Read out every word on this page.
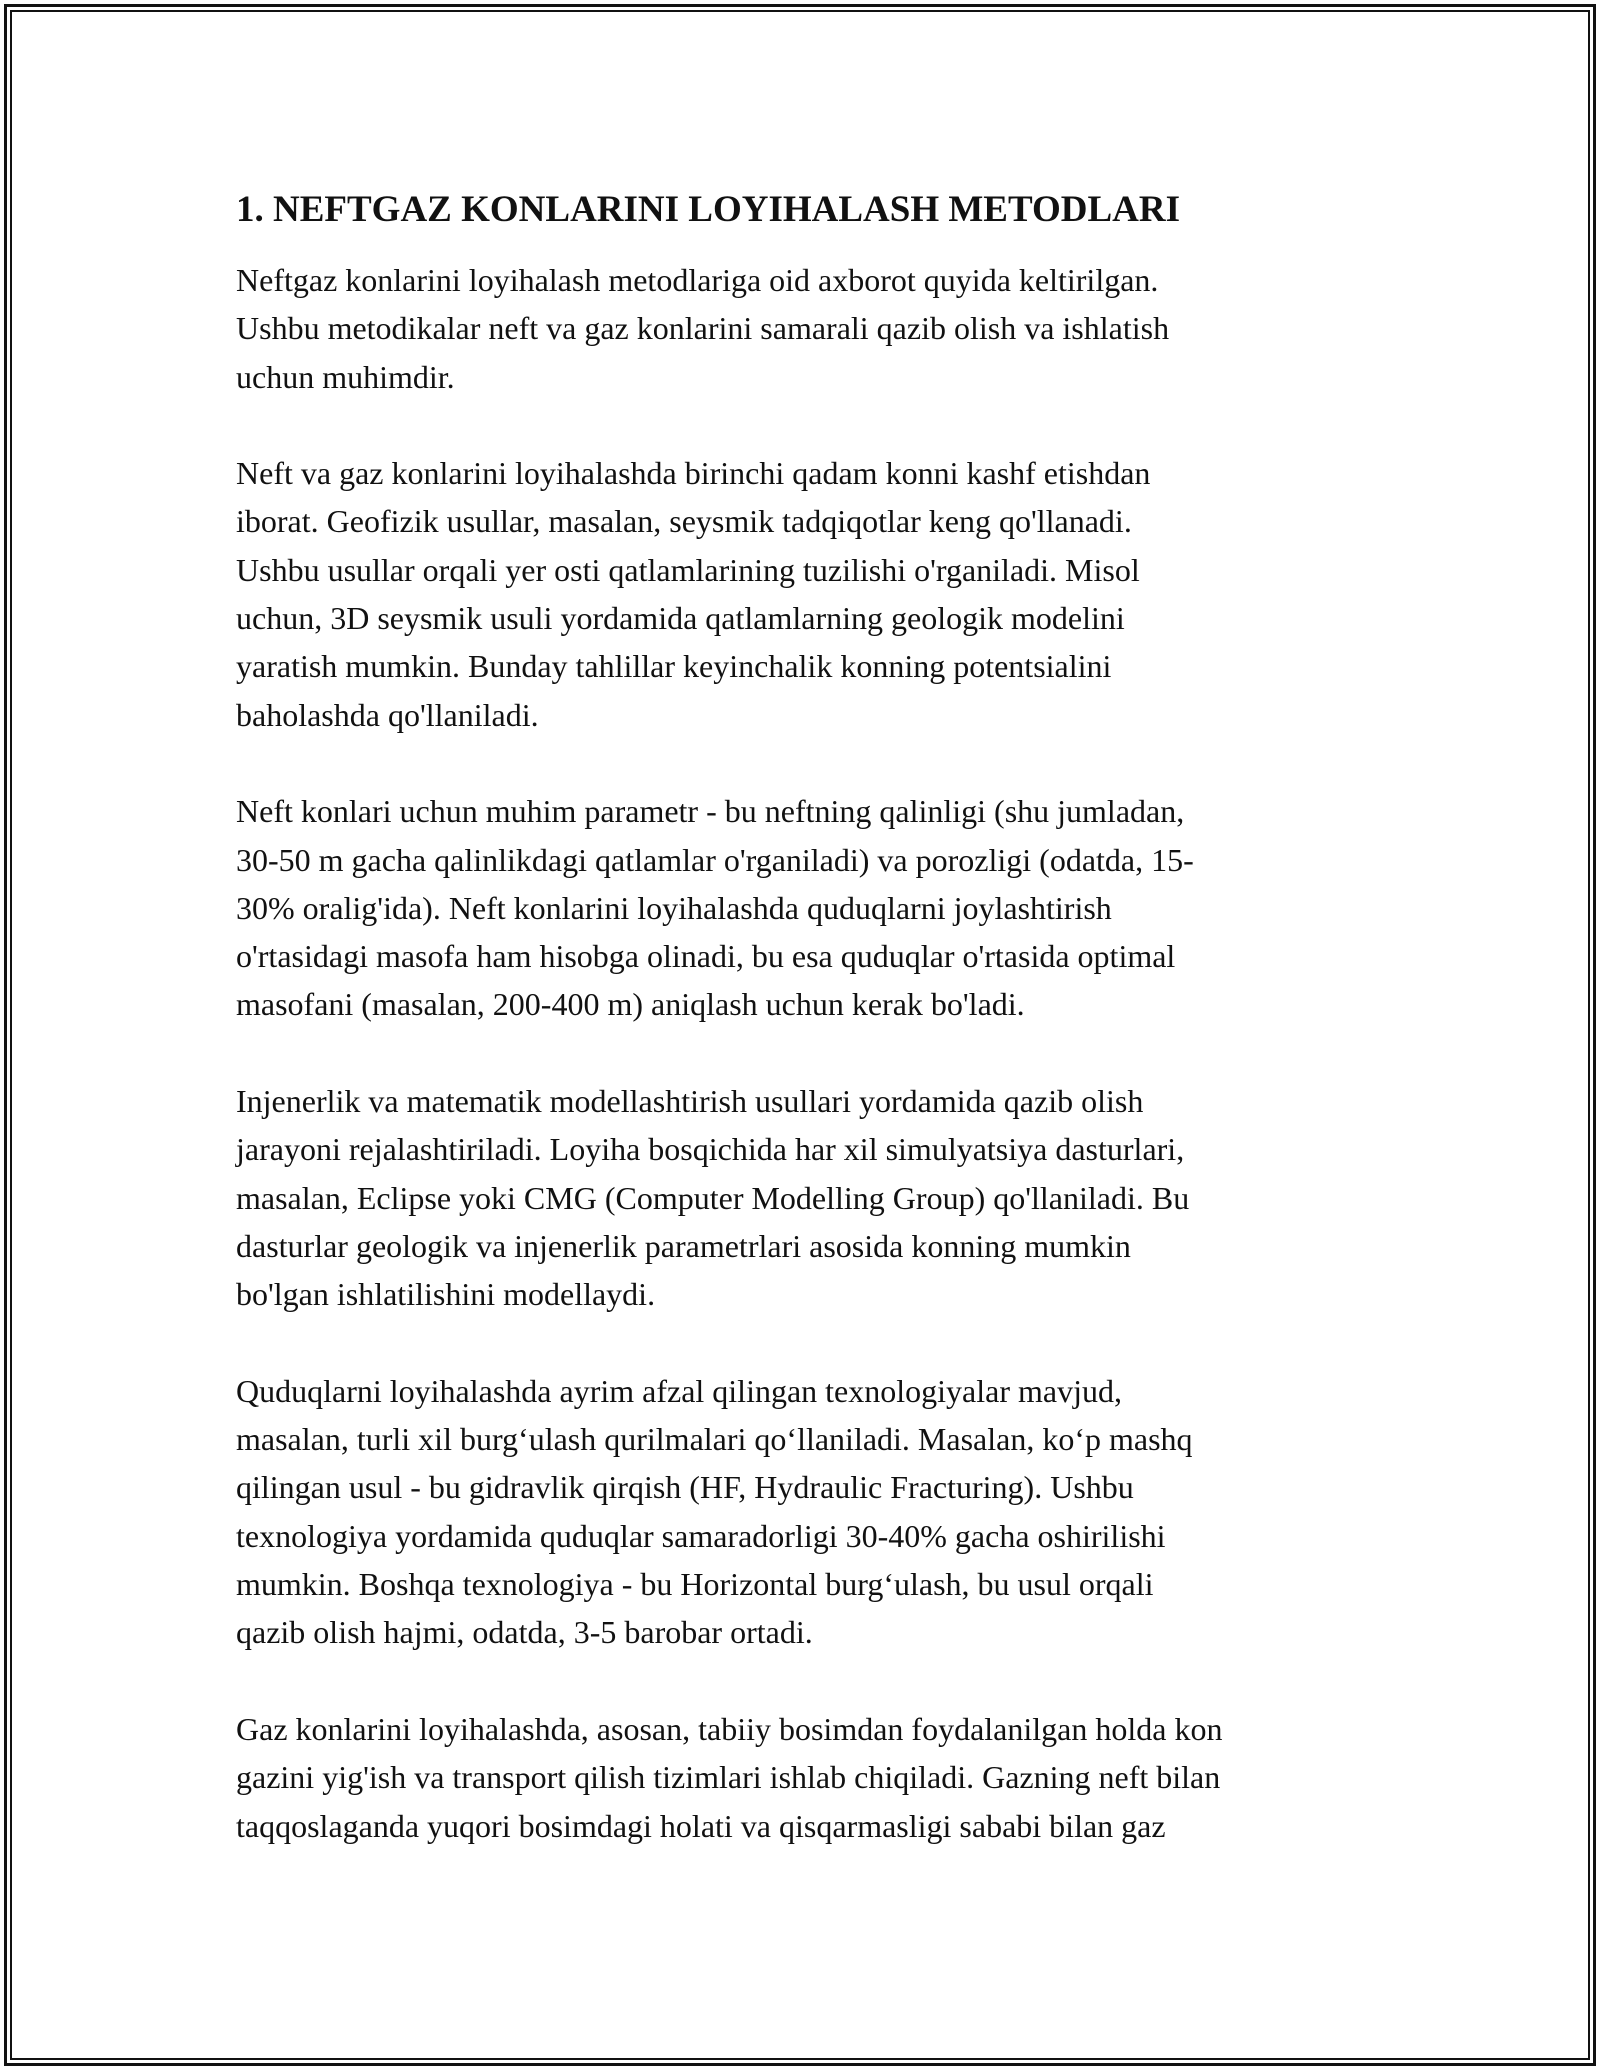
1. NEFTGAZ KONLARINI LOYIHALASH METODLARI

Neftgaz konlarini loyihalash metodlariga oid axborot quyida keltirilgan.
Ushbu metodikalar neft va gaz konlarini samarali qazib olish va ishlatish
uchun muhimdir.

Neft va gaz konlarini loyihalashda birinchi qadam konni kashf etishdan
iborat. Geofizik usullar, masalan, seysmik tadqiqotlar keng qo'llanadi.
Ushbu usullar orqali yer osti qatlamlarining tuzilishi o'rganiladi. Misol
uchun, 3D seysmik usuli yordamida qatlamlarning geologik modelini
yaratish mumkin. Bunday tahlillar keyinchalik konning potentsialini
baholashda qo'llaniladi.

Neft konlari uchun muhim parametr - bu neftning qalinligi (shu jumladan,
30-50 m gacha qalinlikdagi qatlamlar o'rganiladi) va porozligi (odatda, 15-
30% oralig'ida). Neft konlarini loyihalashda quduqlarni joylashtirish
o'rtasidagi masofa ham hisobga olinadi, bu esa quduqlar o'rtasida optimal
masofani (masalan, 200-400 m) aniqlash uchun kerak bo'ladi.

Injenerlik va matematik modellashtirish usullari yordamida qazib olish
jarayoni rejalashtiriladi. Loyiha bosqichida har xil simulyatsiya dasturlari,
masalan, Eclipse yoki CMG (Computer Modelling Group) qo'llaniladi. Bu
dasturlar geologik va injenerlik parametrlari asosida konning mumkin
bo'lgan ishlatilishini modellaydi.

Quduqlarni loyihalashda ayrim afzal qilingan texnologiyalar mavjud,
masalan, turli xil burg‘ulash qurilmalari qo‘llaniladi. Masalan, ko‘p mashq
qilingan usul - bu gidravlik qirqish (HF, Hydraulic Fracturing). Ushbu
texnologiya yordamida quduqlar samaradorligi 30-40% gacha oshirilishi
mumkin. Boshqa texnologiya - bu Horizontal burg‘ulash, bu usul orqali
qazib olish hajmi, odatda, 3-5 barobar ortadi.

Gaz konlarini loyihalashda, asosan, tabiiy bosimdan foydalanilgan holda kon
gazini yig'ish va transport qilish tizimlari ishlab chiqiladi. Gazning neft bilan
taqqoslaganda yuqori bosimdagi holati va qisqarmasligi sababi bilan gaz
